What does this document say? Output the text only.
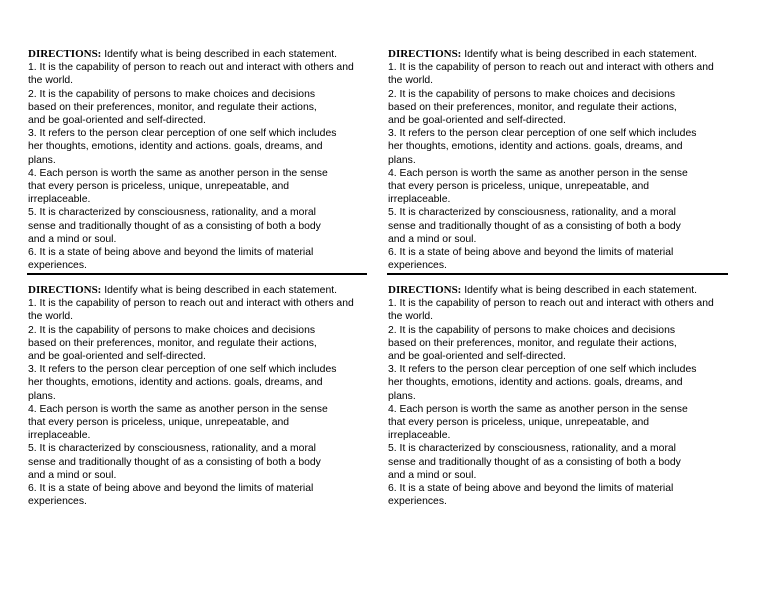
DIRECTIONS: Identify what is being described in each statement.
1. It is the capability of person to reach out and interact with others and
the world.
2. It is the capability of persons to make choices and decisions
based on their preferences, monitor, and regulate their actions,
and be goal-oriented and self-directed.
3. It refers to the person clear perception of one self which includes
her thoughts, emotions, identity and actions. goals, dreams, and
plans.
4. Each person is worth the same as another person in the sense
that every person is priceless, unique, unrepeatable, and
irreplaceable.
5. It is characterized by consciousness, rationality, and a moral
sense and traditionally thought of as a consisting of both a body
and a mind or soul.
6. It is a state of being above and beyond the limits of material
experiences.
DIRECTIONS: Identify what is being described in each statement.
1. It is the capability of person to reach out and interact with others and
the world.
2. It is the capability of persons to make choices and decisions
based on their preferences, monitor, and regulate their actions,
and be goal-oriented and self-directed.
3. It refers to the person clear perception of one self which includes
her thoughts, emotions, identity and actions. goals, dreams, and
plans.
4. Each person is worth the same as another person in the sense
that every person is priceless, unique, unrepeatable, and
irreplaceable.
5. It is characterized by consciousness, rationality, and a moral
sense and traditionally thought of as a consisting of both a body
and a mind or soul.
6. It is a state of being above and beyond the limits of material
experiences.
DIRECTIONS: Identify what is being described in each statement.
1. It is the capability of person to reach out and interact with others and
the world.
2. It is the capability of persons to make choices and decisions
based on their preferences, monitor, and regulate their actions,
and be goal-oriented and self-directed.
3. It refers to the person clear perception of one self which includes
her thoughts, emotions, identity and actions. goals, dreams, and
plans.
4. Each person is worth the same as another person in the sense
that every person is priceless, unique, unrepeatable, and
irreplaceable.
5. It is characterized by consciousness, rationality, and a moral
sense and traditionally thought of as a consisting of both a body
and a mind or soul.
6. It is a state of being above and beyond the limits of material
experiences.
DIRECTIONS: Identify what is being described in each statement.
1. It is the capability of person to reach out and interact with others and
the world.
2. It is the capability of persons to make choices and decisions
based on their preferences, monitor, and regulate their actions,
and be goal-oriented and self-directed.
3. It refers to the person clear perception of one self which includes
her thoughts, emotions, identity and actions. goals, dreams, and
plans.
4. Each person is worth the same as another person in the sense
that every person is priceless, unique, unrepeatable, and
irreplaceable.
5. It is characterized by consciousness, rationality, and a moral
sense and traditionally thought of as a consisting of both a body
and a mind or soul.
6. It is a state of being above and beyond the limits of material
experiences.
